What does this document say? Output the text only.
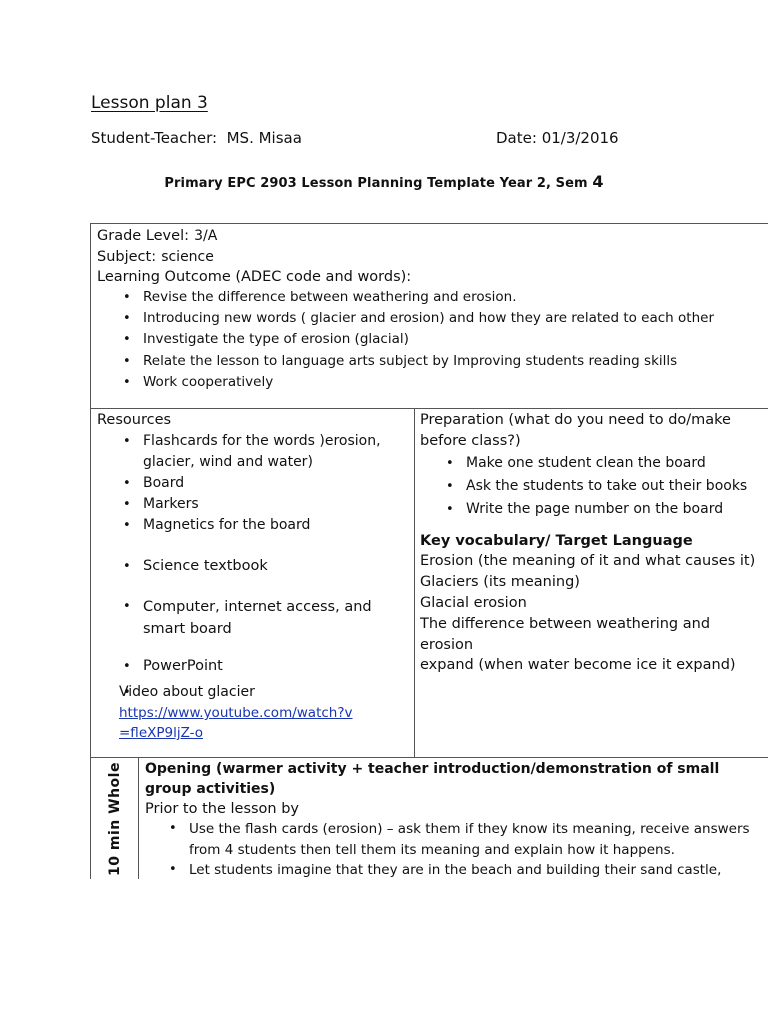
Lesson plan 3
Student-Teacher: MS. Misaa	Date: 01/3/2016
Primary EPC 2903 Lesson Planning Template Year 2, Sem 4
Grade Level: 3/A
Subject: science
Learning Outcome (ADEC code and words):
• Revise the difference between weathering and erosion.
• Introducing new words ( glacier and erosion) and how they are related to each other
• Investigate the type of erosion (glacial)
• Relate the lesson to language arts subject by Improving students reading skills
• Work cooperatively
Resources
• Flashcards for the words )erosion, glacier, wind and water)
• Board
• Markers
• Magnetics for the board
• Science textbook
• Computer, internet access, and smart board
• PowerPoint
• Video about glacier
https://www.youtube.com/watch?v=fleXP9ljZ-o
Preparation (what do you need to do/make before class?)
• Make one student clean the board
• Ask the students to take out their books
• Write the page number on the board
Key vocabulary/ Target Language
Erosion (the meaning of it and what causes it)
Glaciers (its meaning)
Glacial erosion
The difference between weathering and erosion
expand (when water become ice it expand)
10 min Whole Opening (warmer activity + teacher introduction/demonstration of small group activities)
Prior to the lesson by
• Use the flash cards (erosion) – ask them if they know its meaning, receive answers from 4 students then tell them its meaning and explain how it happens.
• Let students imagine that they are in the beach and building their sand castle,
